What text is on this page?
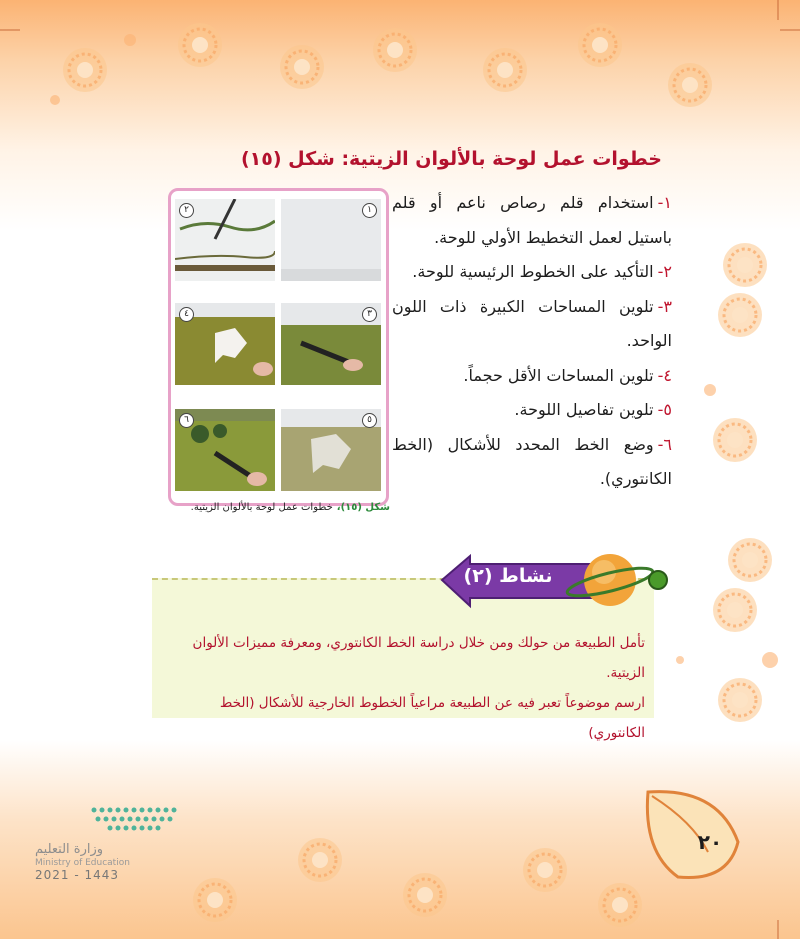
خطوات عمل لوحة بالألوان الزيتية: شكل (١٥)

١-استخدام قلم رصاص ناعم أو قلم باستيل لعمل التخطيط الأولي للوحة.

٢-التأكيد على الخطوط الرئيسية للوحة.

٣-تلوين المساحات الكبيرة ذات اللون الواحد.

٤-تلوين المساحات الأقل حجماً.

٥-تلوين تفاصيل اللوحة.

٦-وضع الخط المحدد للأشكال (الخط الكانتوري).

١
٢
٣
٤
٥
٦
شكل (١٥)،خطوات عمل لوحة بالألوان الزيتية.
نشاط (٢)

تأمل الطبيعة من حولك ومن خلال دراسة الخط الكانتوري، ومعرفة مميزات الألوان الزيتية.

ارسم موضوعاً تعبر فيه عن الطبيعة مراعياً الخطوط الخارجية للأشكال (الخط الكانتوري)

٢٠
وزارة التعليم
Ministry of Education
2021 - 1443
